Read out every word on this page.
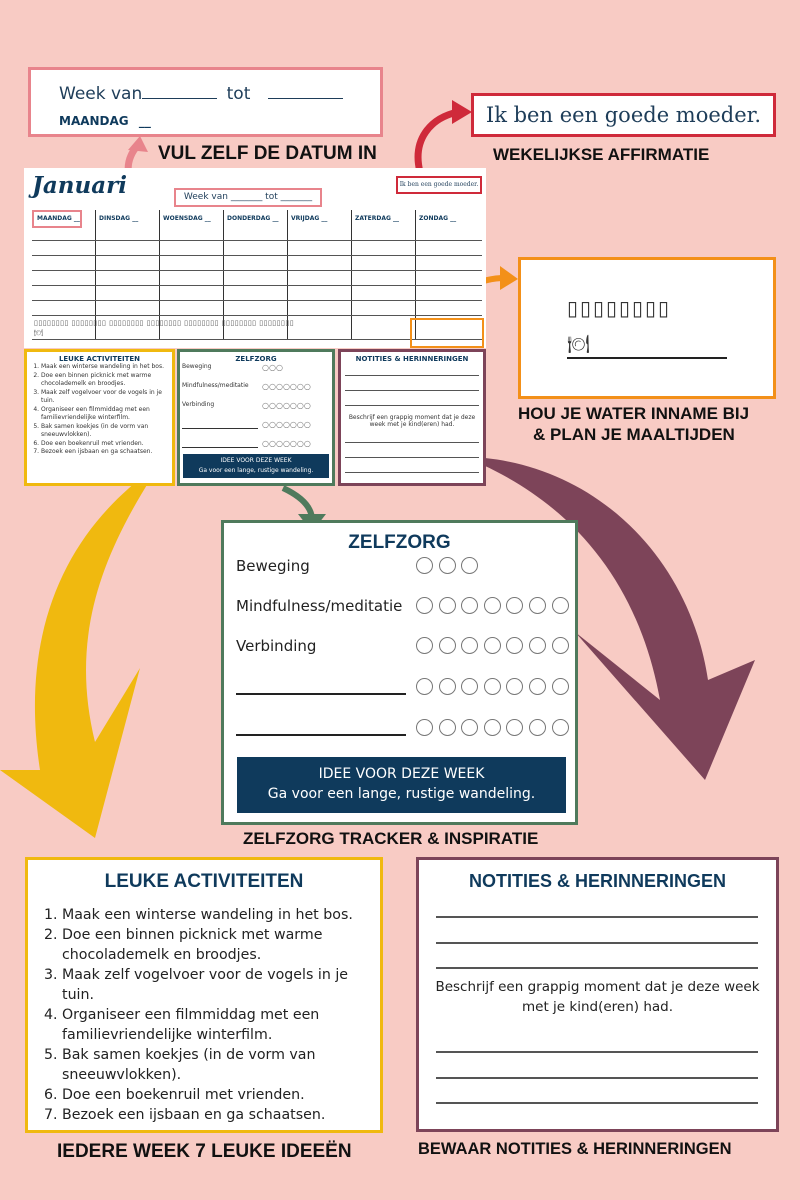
Week van	tot
MAANDAG __
VUL ZELF DE DATUM IN
Ik ben een goede moeder.
WEKELIJKSE AFFIRMATIE
Januari	Week van _______ tot _______
Ik ben een goede moeder.
MAANDAG __	DINSDAG __	WOENSDAG __	DONDERDAG __	VRIJDAG __	ZATERDAG __	ZONDAG __
▯▯▯▯▯▯▯▯ ▯▯▯▯▯▯▯▯ ▯▯▯▯▯▯▯▯ ▯▯▯▯▯▯▯▯ ▯▯▯▯▯▯▯▯ ▯▯▯▯▯▯▯▯ ▯▯▯▯▯▯▯▯
🍽
LEUKE ACTIVITEITEN
1. Maak een winterse wandeling in het bos.
2. Doe een binnen picknick met warme chocolademelk en broodjes.
3. Maak zelf vogelvoer voor de vogels in je tuin.
4. Organiseer een filmmiddag met een familievriendelijke winterfilm.
5. Bak samen koekjes (in de vorm van sneeuwvlokken).
6. Doe een boekenruil met vrienden.
7. Bezoek een ijsbaan en ga schaatsen.
ZELFZORG
Beweging	○○○
Mindfulness/meditatie ○○○○○○○
Verbinding	○○○○○○○
○○○○○○○
○○○○○○○
IDEE VOOR DEZE WEEK
Ga voor een lange, rustige wandeling.
NOTITIES & HERINNERINGEN
Beschrijf een grappig moment dat je deze week met je kind(eren) had.
▯▯▯▯▯▯▯▯
🍽
HOU JE WATER INNAME BIJ
& PLAN JE MAALTIJDEN
ZELFZORG
Beweging
Mindfulness/meditatie
Verbinding
IDEE VOOR DEZE WEEK
Ga voor een lange, rustige wandeling.
ZELFZORG TRACKER & INSPIRATIE
LEUKE ACTIVITEITEN
1. Maak een winterse wandeling in het bos.
2. Doe een binnen picknick met warme chocolademelk en broodjes.
3. Maak zelf vogelvoer voor de vogels in je tuin.
4. Organiseer een filmmiddag met een familievriendelijke winterfilm.
5. Bak samen koekjes (in de vorm van sneeuwvlokken).
6. Doe een boekenruil met vrienden.
7. Bezoek een ijsbaan en ga schaatsen.
IEDERE WEEK 7 LEUKE IDEEËN
NOTITIES & HERINNERINGEN
Beschrijf een grappig moment dat je deze week met je kind(eren) had.
BEWAAR NOTITIES & HERINNERINGEN
